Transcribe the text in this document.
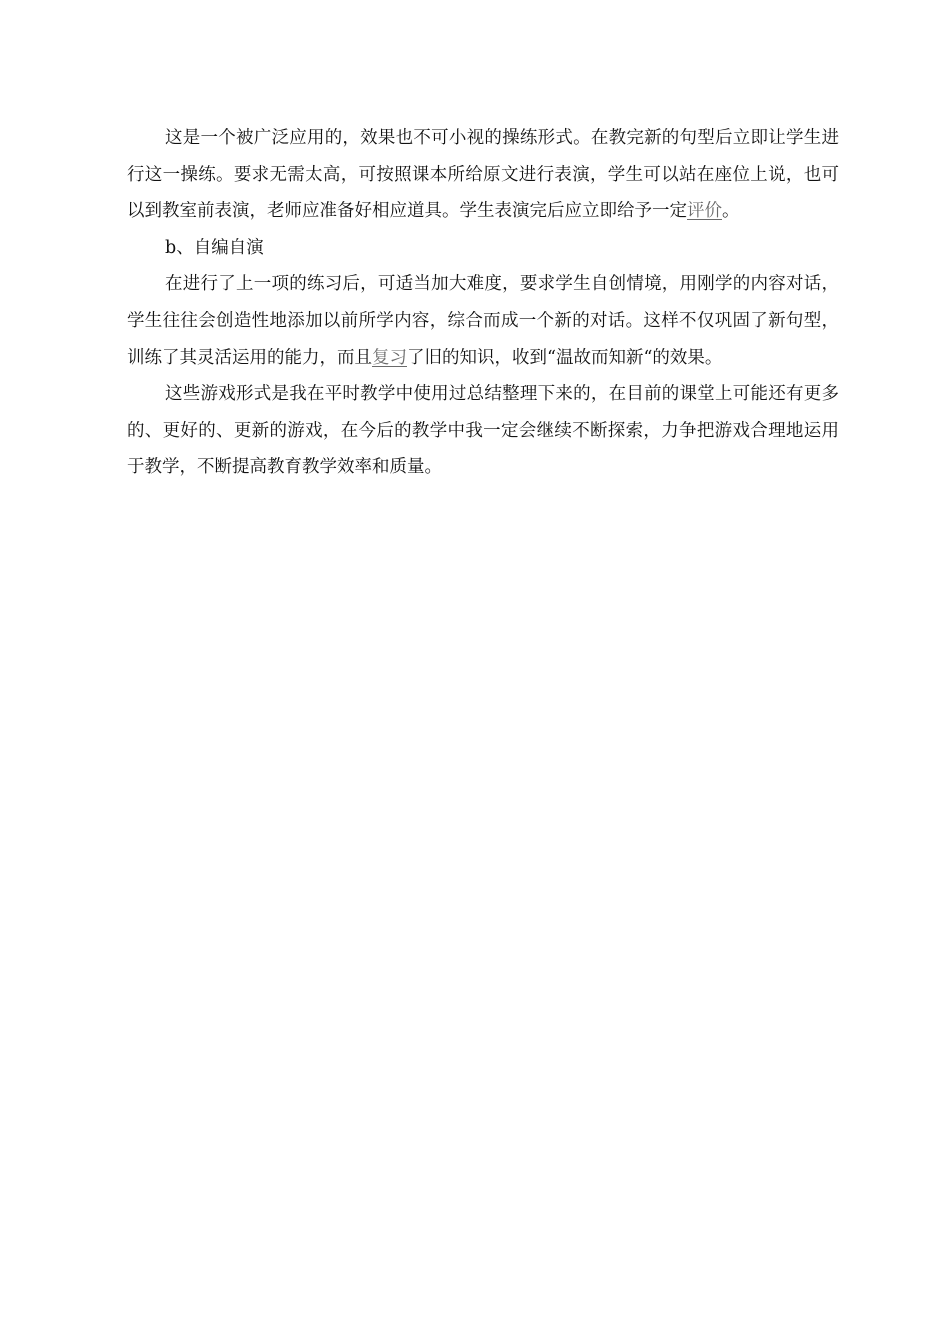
这是一个被广泛应用的，效果也不可小视的操练形式。在教完新的句型后立即让学生进行这一操练。要求无需太高，可按照课本所给原文进行表演，学生可以站在座位上说，也可以到教室前表演，老师应准备好相应道具。学生表演完后应立即给予一定评价。

b、自编自演

在进行了上一项的练习后，可适当加大难度，要求学生自创情境，用刚学的内容对话，学生往往会创造性地添加以前所学内容，综合而成一个新的对话。这样不仅巩固了新句型，训练了其灵活运用的能力，而且复习了旧的知识，收到“温故而知新“的效果。

这些游戏形式是我在平时教学中使用过总结整理下来的，在目前的课堂上可能还有更多的、更好的、更新的游戏，在今后的教学中我一定会继续不断探索，力争把游戏合理地运用于教学，不断提高教育教学效率和质量。
